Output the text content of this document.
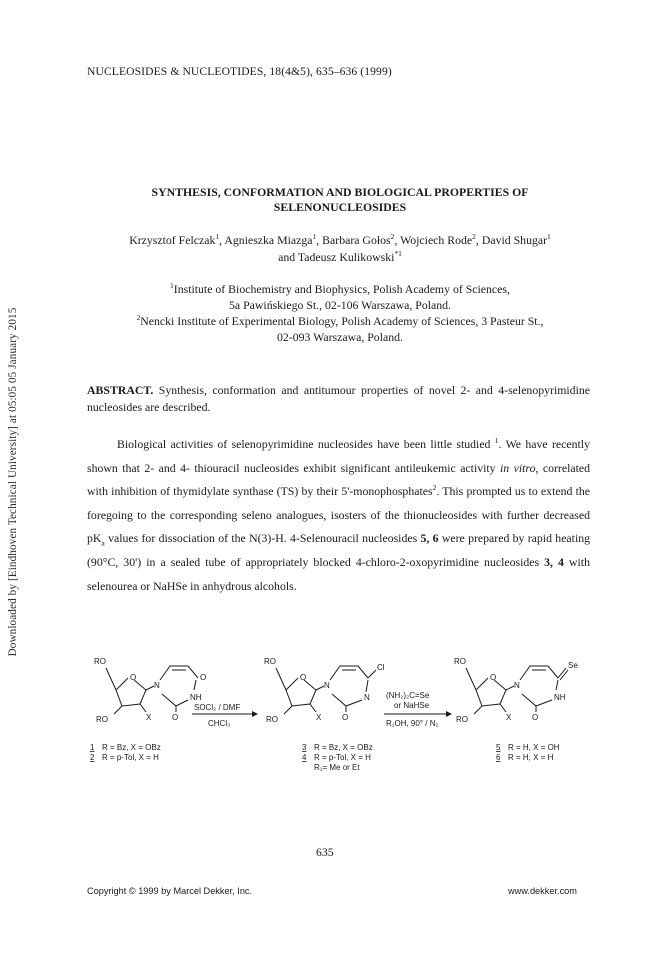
Downloaded by [Eindhoven Technical University] at 05:05 05 January 2015
NUCLEOSIDES & NUCLEOTIDES, 18(4&5), 635–636 (1999)
SYNTHESIS, CONFORMATION AND BIOLOGICAL PROPERTIES OF
SELENONUCLEOSIDES
Krzysztof Felczak$^1$, Agnieszka Miazga$^1$, Barbara Gołos$^2$, Wojciech Rode$^2$, David Shugar$^1$
and Tadeusz Kulikowski$^{*1}$
$^1$Institute of Biochemistry and Biophysics, Polish Academy of Sciences,
5a Pawińskiego St., 02-106 Warszawa, Poland.
$^2$Nencki Institute of Experimental Biology, Polish Academy of Sciences, 3 Pasteur St.,
02-093 Warszawa, Poland.
ABSTRACT. Synthesis, conformation and antitumour properties of novel 2- and 4-selenopyrimidine nucleosides are described.

Biological activities of selenopyrimidine nucleosides have been little studied $^1$. We have recently shown that 2- and 4- thiouracil nucleosides exhibit significant antileukemic activity in vitro, correlated with inhibition of thymidylate synthase (TS) by their 5'-monophosphates$^2$. This prompted us to extend the foregoing to the corresponding seleno analogues, isosters of the thionucleosides with further decreased $pK_a$ values for dissociation of the N(3)-H. 4-Selenouracil nucleosides 5, 6 were prepared by rapid heating (90°C, 30') in a sealed tube of appropriately blocked 4-chloro-2-oxopyrimidine nucleosides 3, 4 with selenourea or NaHSe in anhydrous alcohols.

RO
O
RO	X
N
O
NH
O
SOCl₂ / DMF
CHCl₃
RO
O
RO	X
N
Cl
N
O
(NH₂)₂C=Se
or NaHSe
R₁OH, 90° / N₂
RO
O
RO	X
N
Se
NH
O
1 R = Bz, X = OBz
2 R = p-Tol, X = H
3 R = Bz, X = OBz
4 R = p-Tol, X = H
R₁= Me or Et
5 R = H, X = OH
6 R = H, X = H
635
Copyright © 1999 by Marcel Dekker, Inc.	www.dekker.com
